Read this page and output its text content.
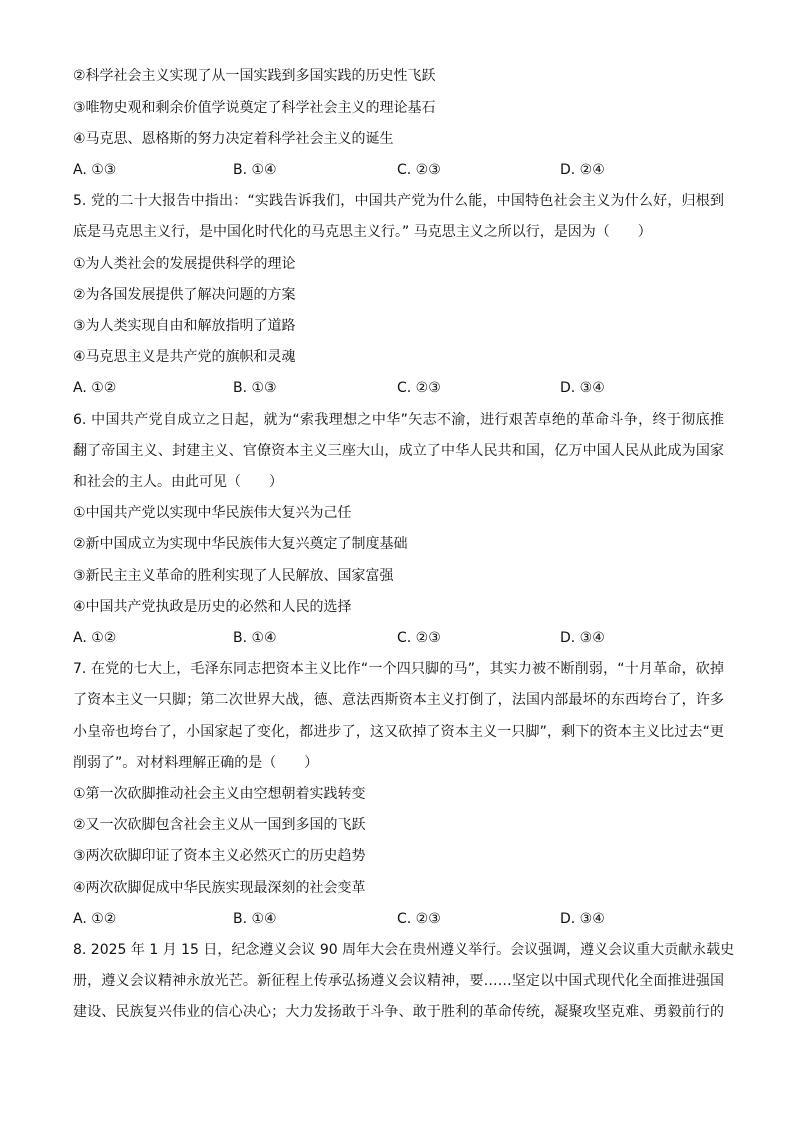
②科学社会主义实现了从一国实践到多国实践的历史性飞跃
③唯物史观和剩余价值学说奠定了科学社会主义的理论基石
④马克思、恩格斯的努力决定着科学社会主义的诞生
A. ①③	B. ①④	C. ②③	D. ②④
5. 党的二十大报告中指出：“实践告诉我们，中国共产党为什么能，中国特色社会主义为什么好，归根到
底是马克思主义行，是中国化时代化的马克思主义行。” 马克思主义之所以行，是因为（　　）
①为人类社会的发展提供科学的理论
②为各国发展提供了解决问题的方案
③为人类实现自由和解放指明了道路
④马克思主义是共产党的旗帜和灵魂
A. ①②	B. ①③	C. ②③	D. ③④
6. 中国共产党自成立之日起，就为“索我理想之中华”矢志不渝，进行艰苦卓绝的革命斗争，终于彻底推
翻了帝国主义、封建主义、官僚资本主义三座大山，成立了中华人民共和国，亿万中国人民从此成为国家
和社会的主人。由此可见（　　）
①中国共产党以实现中华民族伟大复兴为己任
②新中国成立为实现中华民族伟大复兴奠定了制度基础
③新民主主义革命的胜利实现了人民解放、国家富强
④中国共产党执政是历史的必然和人民的选择
A. ①②	B. ①④	C. ②③	D. ③④
7. 在党的七大上，毛泽东同志把资本主义比作“一个四只脚的马”，其实力被不断削弱，“十月革命，砍掉
了资本主义一只脚；第二次世界大战，德、意法西斯资本主义打倒了，法国内部最坏的东西垮台了，许多
小皇帝也垮台了，小国家起了变化，都进步了，这又砍掉了资本主义一只脚”，剩下的资本主义比过去“更
削弱了”。对材料理解正确的是（　　）
①第一次砍脚推动社会主义由空想朝着实践转变
②又一次砍脚包含社会主义从一国到多国的飞跃
③两次砍脚印证了资本主义必然灭亡的历史趋势
④两次砍脚促成中华民族实现最深刻的社会变革
A. ①②	B. ①④	C. ②③	D. ③④
8. 2025 年 1 月 15 日，纪念遵义会议 90 周年大会在贵州遵义举行。会议强调，遵义会议重大贡献永载史
册，遵义会议精神永放光芒。新征程上传承弘扬遵义会议精神，要……坚定以中国式现代化全面推进强国
建设、民族复兴伟业的信心决心；大力发扬敢于斗争、敢于胜利的革命传统，凝聚攻坚克难、勇毅前行的
